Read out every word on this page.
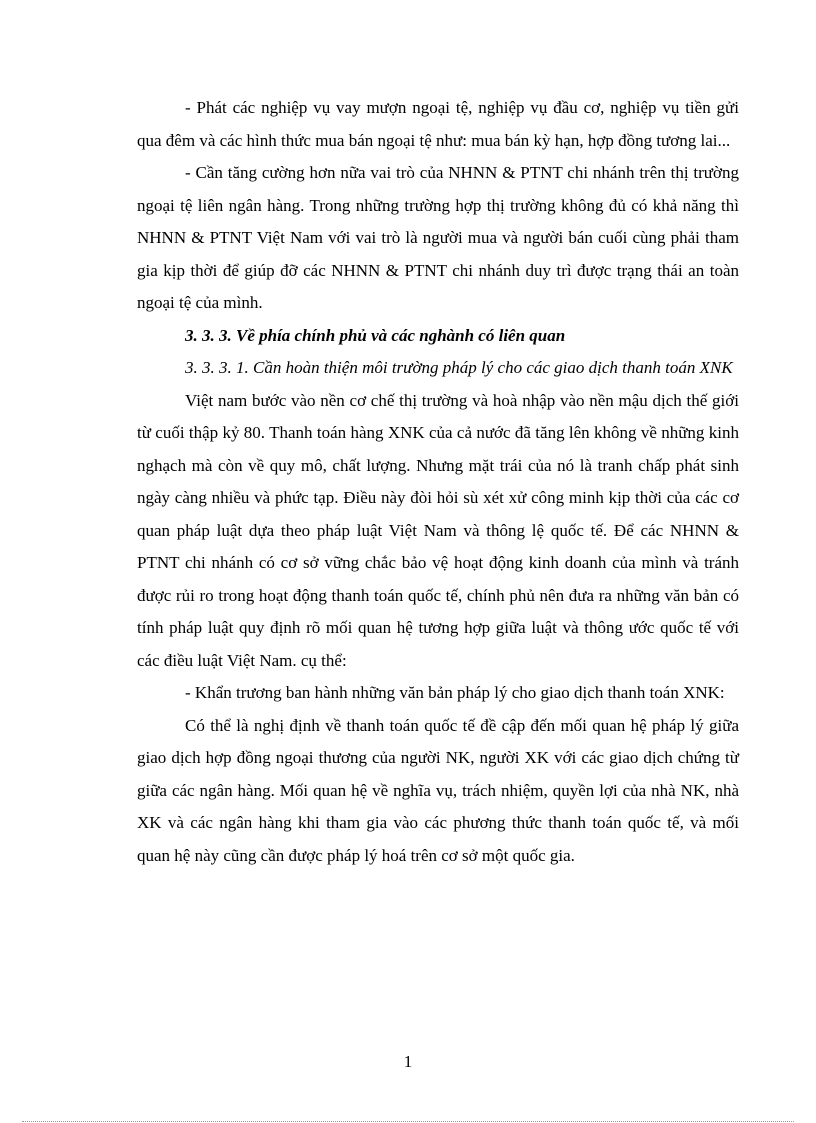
- Phát các nghiệp vụ vay mượn ngoại tệ, nghiệp vụ đầu cơ, nghiệp vụ tiền gửi qua đêm và các hình thức mua bán ngoại tệ như: mua bán kỳ hạn, hợp đồng tương lai...

- Cần tăng cường hơn nữa vai trò của NHNN & PTNT chi nhánh trên thị trường ngoại tệ liên ngân hàng. Trong những trường hợp thị trường không đủ có khả năng thì NHNN & PTNT Việt Nam với vai trò là người mua và người bán cuối cùng phải tham gia kịp thời để giúp đỡ các NHNN & PTNT chi nhánh duy trì được trạng thái an toàn ngoại tệ của mình.

3. 3. 3. Về phía chính phủ và các nghành có liên quan

3. 3. 3. 1. Cần hoàn thiện môi trường pháp lý cho các giao dịch thanh toán XNK

Việt nam bước vào nền cơ chế thị trường và hoà nhập vào nền mậu dịch thế giới từ cuối thập kỷ 80. Thanh toán hàng XNK của cả nước đã tăng lên không về những kinh nghạch mà còn về quy mô, chất lượng. Nhưng mặt trái của nó là tranh chấp phát sinh ngày càng nhiều và phức tạp. Điều này đòi hỏi sù xét xử công minh kịp thời của các cơ quan pháp luật dựa theo pháp luật Việt Nam và thông lệ quốc tế. Để các NHNN & PTNT chi nhánh có cơ sở vững chắc bảo vệ hoạt động kinh doanh của mình và tránh được rủi ro trong hoạt động thanh toán quốc tế, chính phủ nên đưa ra những văn bản có tính pháp luật quy định rõ mối quan hệ tương hợp giữa luật và thông ước quốc tế với các điều luật Việt Nam. cụ thể:

- Khẩn trương ban hành những văn bản pháp lý cho giao dịch thanh toán XNK:

Có thể là nghị định về thanh toán quốc tế đề cập đến mối quan hệ pháp lý giữa giao dịch hợp đồng ngoại thương của người NK, người XK với các giao dịch chứng từ giữa các ngân hàng. Mối quan hệ về nghĩa vụ, trách nhiệm, quyền lợi của nhà NK, nhà XK và các ngân hàng khi tham gia vào các phương thức thanh toán quốc tế, và mối quan hệ này cũng cần được pháp lý hoá trên cơ sở một quốc gia.

1
